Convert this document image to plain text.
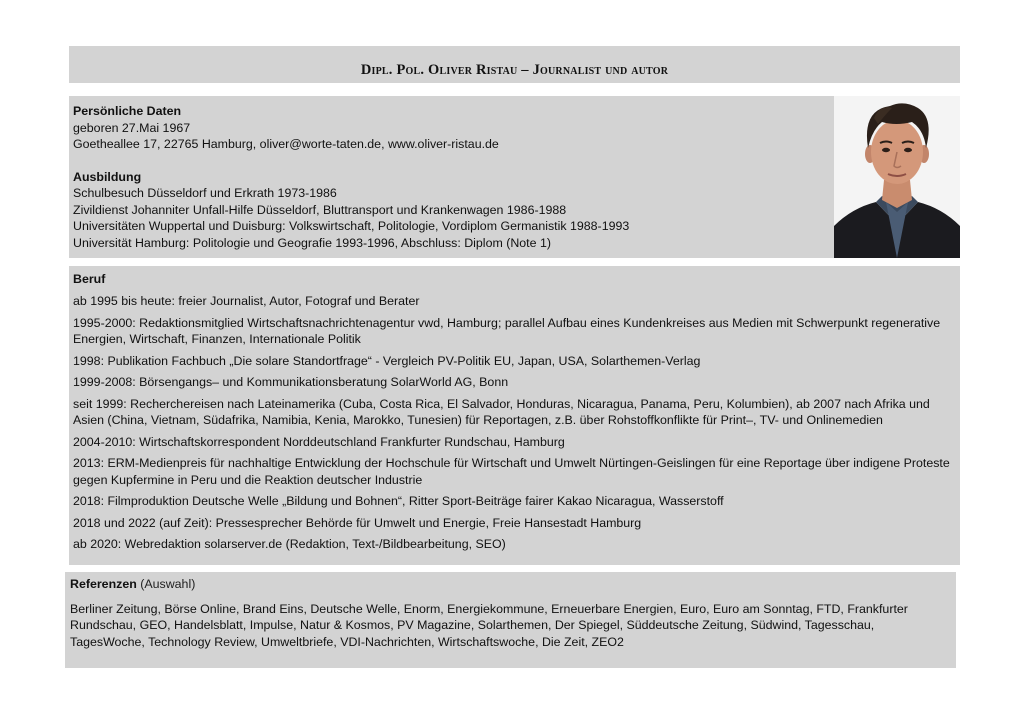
Dipl. Pol. Oliver Ristau – Journalist und autor
Persönliche Daten
geboren 27.Mai 1967
Goetheallee 17, 22765 Hamburg, oliver@worte-taten.de, www.oliver-ristau.de
Ausbildung
Schulbesuch Düsseldorf und Erkrath 1973-1986
Zivildienst Johanniter Unfall-Hilfe Düsseldorf, Bluttransport und Krankenwagen 1986-1988
Universitäten Wuppertal und Duisburg: Volkswirtschaft, Politologie, Vordiplom Germanistik 1988-1993
Universität Hamburg: Politologie und Geografie 1993-1996, Abschluss: Diplom (Note 1)
Beruf
ab 1995 bis heute: freier Journalist, Autor, Fotograf und Berater
1995-2000: Redaktionsmitglied Wirtschaftsnachrichtenagentur vwd, Hamburg; parallel Aufbau eines Kundenkreises aus Medien mit Schwerpunkt regenerative Energien, Wirtschaft, Finanzen, Internationale Politik
1998: Publikation Fachbuch „Die solare Standortfrage“ - Vergleich PV-Politik EU, Japan, USA, Solarthemen-Verlag
1999-2008: Börsengangs– und Kommunikationsberatung SolarWorld AG, Bonn
seit 1999: Recherchereisen nach Lateinamerika (Cuba, Costa Rica, El Salvador, Honduras, Nicaragua, Panama, Peru, Kolumbien), ab 2007 nach Afrika und Asien (China, Vietnam, Südafrika, Namibia, Kenia, Marokko, Tunesien) für Reportagen, z.B. über Rohstoffkonflikte für Print–, TV- und Onlinemedien
2004-2010: Wirtschaftskorrespondent Norddeutschland Frankfurter Rundschau, Hamburg
2013: ERM-Medienpreis für nachhaltige Entwicklung der Hochschule für Wirtschaft und Umwelt Nürtingen-Geislingen für eine Reportage über indigene Proteste gegen Kupfermine in Peru und die Reaktion deutscher Industrie
2018: Filmproduktion Deutsche Welle „Bildung und Bohnen“, Ritter Sport-Beiträge fairer Kakao Nicaragua, Wasserstoff
2018 und 2022 (auf Zeit): Pressesprecher Behörde für Umwelt und Energie, Freie Hansestadt Hamburg
ab 2020: Webredaktion solarserver.de (Redaktion, Text-/Bildbearbeitung, SEO)
Referenzen (Auswahl)
Berliner Zeitung, Börse Online, Brand Eins, Deutsche Welle, Enorm, Energiekommune, Erneuerbare Energien, Euro, Euro am Sonntag, FTD, Frankfurter Rundschau, GEO, Handelsblatt, Impulse, Natur & Kosmos, PV Magazine, Solarthemen, Der Spiegel, Süddeutsche Zeitung, Südwind, Tagesschau, TagesWoche, Technology Review, Umweltbriefe, VDI-Nachrichten, Wirtschaftswoche, Die Zeit, ZEO2
